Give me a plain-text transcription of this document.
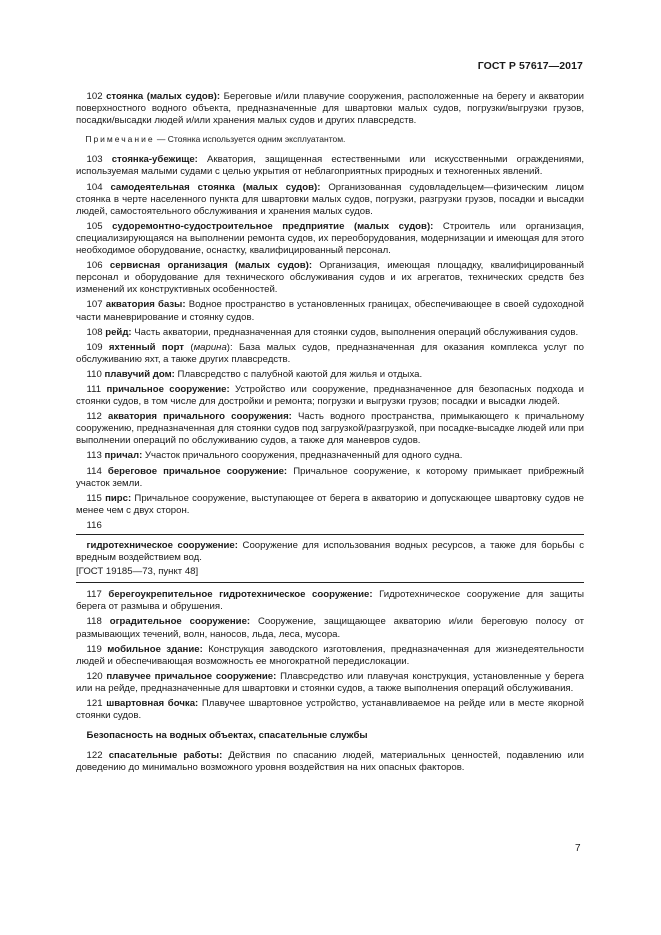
ГОСТ Р 57617—2017

102 стоянка (малых судов): Береговые и/или плавучие сооружения, расположенные на берегу и акватории поверхностного водного объекта, предназначенные для швартовки малых судов, погрузки/выгрузки грузов, посадки/высадки людей и/или хранения малых судов и других плавсредств.

Примечание — Стоянка используется одним эксплуатантом.

103 стоянка-убежище: Акватория, защищенная естественными или искусственными ограждениями, используемая малыми судами с целью укрытия от неблагоприятных природных и техногенных явлений.

104 самодеятельная стоянка (малых судов): Организованная судовладельцем—физическим лицом стоянка в черте населенного пункта для швартовки малых судов, погрузки, разгрузки грузов, посадки и высадки людей, самостоятельного обслуживания и хранения малых судов.

105 судоремонтно-судостроительное предприятие (малых судов): Строитель или организация, специализирующаяся на выполнении ремонта судов, их переоборудования, модернизации и имеющая для этого необходимое оборудование, оснастку, квалифицированный персонал.

106 сервисная организация (малых судов): Организация, имеющая площадку, квалифицированный персонал и оборудование для технического обслуживания судов и их агрегатов, технических средств без изменений их конструктивных особенностей.

107 акватория базы: Водное пространство в установленных границах, обеспечивающее в своей судоходной части маневрирование и стоянку судов.

108 рейд: Часть акватории, предназначенная для стоянки судов, выполнения операций обслуживания судов.

109 яхтенный порт (марина): База малых судов, предназначенная для оказания комплекса услуг по обслуживанию яхт, а также других плавсредств.

110 плавучий дом: Плавсредство с палубной каютой для жилья и отдыха.

111 причальное сооружение: Устройство или сооружение, предназначенное для безопасных подхода и стоянки судов, в том числе для достройки и ремонта; погрузки и выгрузки грузов; посадки и высадки людей.

112 акватория причального сооружения: Часть водного пространства, примыкающего к причальному сооружению, предназначенная для стоянки судов под загрузкой/разгрузкой, при посадке-высадке людей или при выполнении операций по обслуживанию судов, а также для маневров судов.

113 причал: Участок причального сооружения, предназначенный для одного судна.

114 береговое причальное сооружение: Причальное сооружение, к которому примыкает прибрежный участок земли.

115 пирс: Причальное сооружение, выступающее от берега в акваторию и допускающее швартовку судов не менее чем с двух сторон.

116

гидротехническое сооружение: Сооружение для использования водных ресурсов, а также для борьбы с вредным воздействием вод.

[ГОСТ 19185—73, пункт 48]

117 берегоукрепительное гидротехническое сооружение: Гидротехническое сооружение для защиты берега от размыва и обрушения.

118 оградительное сооружение: Сооружение, защищающее акваторию и/или береговую полосу от размывающих течений, волн, наносов, льда, леса, мусора.

119 мобильное здание: Конструкция заводского изготовления, предназначенная для жизнедеятельности людей и обеспечивающая возможность ее многократной передислокации.

120 плавучее причальное сооружение: Плавсредство или плавучая конструкция, установленные у берега или на рейде, предназначенные для швартовки и стоянки судов, а также выполнения операций обслуживания.

121 швартовная бочка: Плавучее швартовное устройство, устанавливаемое на рейде или в месте якорной стоянки судов.

Безопасность на водных объектах, спасательные службы

122 спасательные работы: Действия по спасанию людей, материальных ценностей, подавлению или доведению до минимально возможного уровня воздействия на них опасных факторов.

7
